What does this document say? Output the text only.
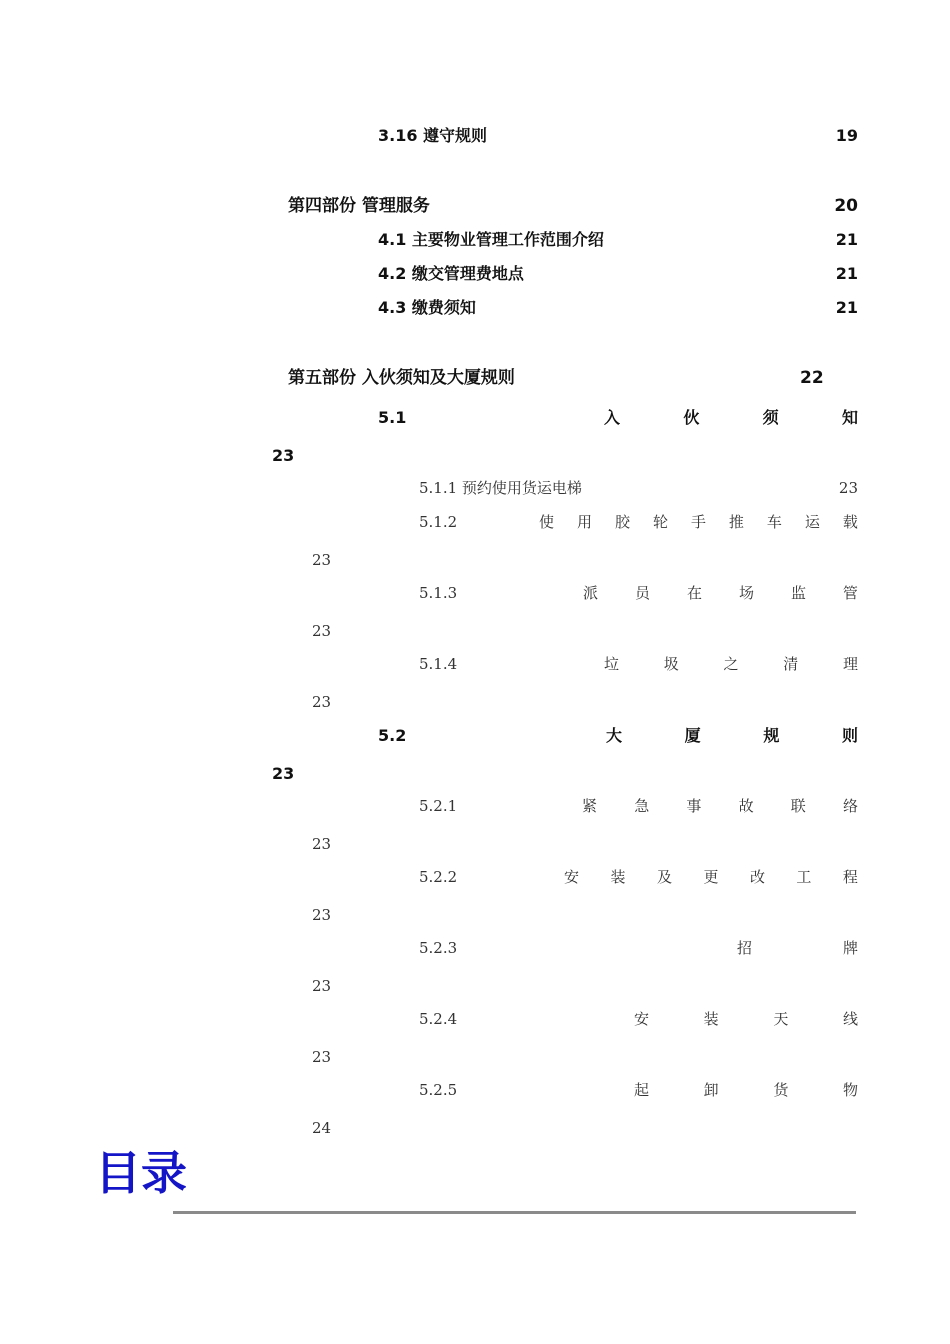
3.16 遵守规则	19
第四部份 管理服务	20
4.1 主要物业管理工作范围介绍	21
4.2 缴交管理费地点	21
4.3 缴费须知	21
第五部份 入伙须知及大厦规则	22
5.1	入	伙	须	知
23
5.1.1 预约使用货运电梯	23
5.1.2	使 用 胶 轮 手 推 车 运 载
23
5.1.3	派 员 在 场 监 管
23
5.1.4	垃	圾	之	清	理
23
5.2	大	厦	规	则
23
5.2.1	紧 急 事 故 联 络
23
5.2.2	安 装 及 更 改 工 程
23
5.2.3	招	牌
23
5.2.4	安	装	天	线
23
5.2.5	起	卸	货	物
24
目录
